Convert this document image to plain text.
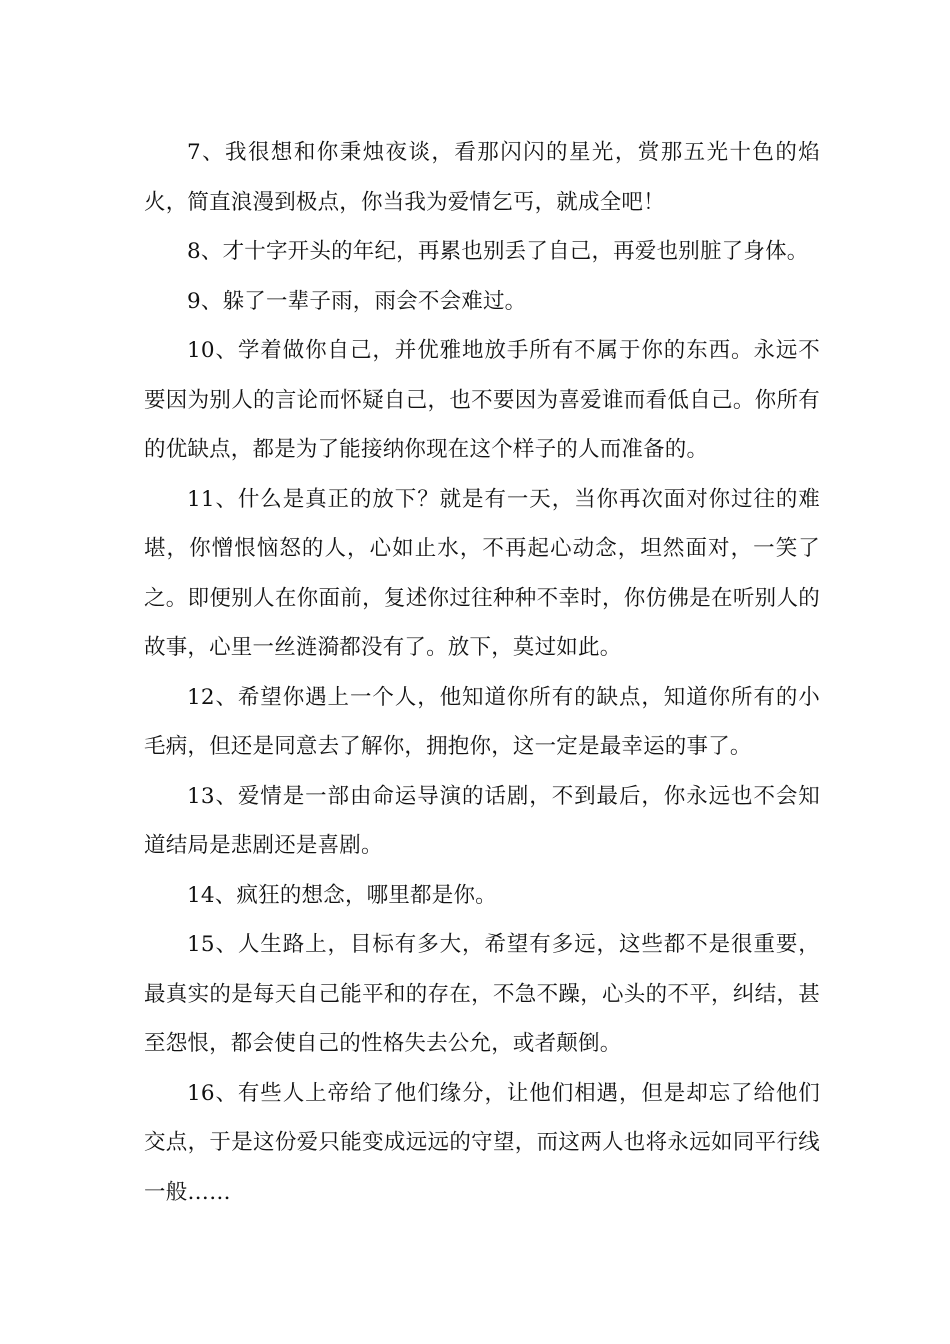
7、我很想和你秉烛夜谈，看那闪闪的星光，赏那五光十色的焰火，简直浪漫到极点，你当我为爱情乞丐，就成全吧！

8、才十字开头的年纪，再累也别丢了自己，再爱也别脏了身体。

9、躲了一辈子雨，雨会不会难过。

10、学着做你自己，并优雅地放手所有不属于你的东西。永远不要因为别人的言论而怀疑自己，也不要因为喜爱谁而看低自己。你所有的优缺点，都是为了能接纳你现在这个样子的人而准备的。

11、什么是真正的放下？就是有一天，当你再次面对你过往的难堪，你憎恨恼怒的人，心如止水，不再起心动念，坦然面对，一笑了之。即便别人在你面前，复述你过往种种不幸时，你仿佛是在听别人的故事，心里一丝涟漪都没有了。放下，莫过如此。

12、希望你遇上一个人，他知道你所有的缺点，知道你所有的小毛病，但还是同意去了解你，拥抱你，这一定是最幸运的事了。

13、爱情是一部由命运导演的话剧，不到最后，你永远也不会知道结局是悲剧还是喜剧。

14、疯狂的想念，哪里都是你。

15、人生路上，目标有多大，希望有多远，这些都不是很重要，最真实的是每天自己能平和的存在，不急不躁，心头的不平，纠结，甚至怨恨，都会使自己的性格失去公允，或者颠倒。

16、有些人上帝给了他们缘分，让他们相遇，但是却忘了给他们交点，于是这份爱只能变成远远的守望，而这两人也将永远如同平行线一般……
